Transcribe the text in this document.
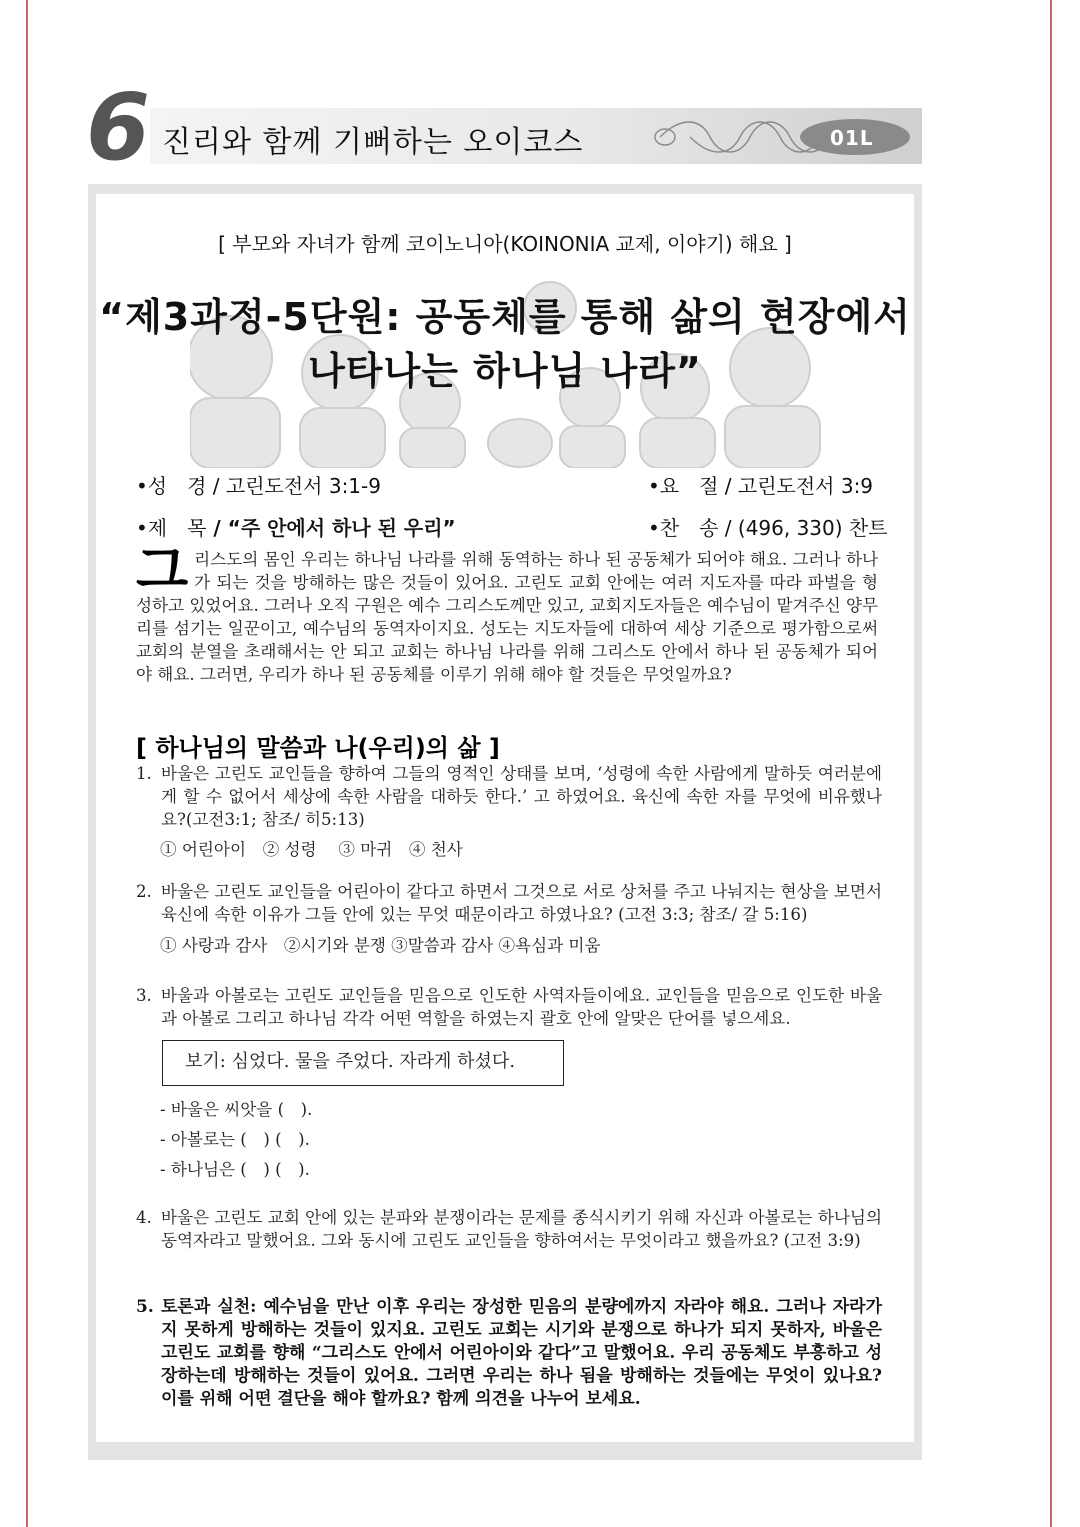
6 진리와 함께 기뻐하는 오이코스	01L
[ 부모와 자녀가 함께 코이노니아(KOINONIA 교제, 이야기) 해요 ]
“제3과정-5단원: 공동체를 통해 삶의 현장에서
나타나는 하나님 나라”
•성　경 / 고린도전서 3:1-9	•요　절 / 고린도전서 3:9
•제　목 / “주 안에서 하나 된 우리”	•찬　송 / (496, 330) 찬트
그리스도의 몸인 우리는 하나님 나라를 위해 동역하는 하나 된 공동체가 되어야 해요. 그러나 하나가 되는 것을 방해하는 많은 것들이 있어요. 고린도 교회 안에는 여러 지도자를 따라 파벌을 형성하고 있었어요. 그러나 오직 구원은 예수 그리스도께만 있고, 교회지도자들은 예수님이 맡겨주신 양무리를 섬기는 일꾼이고, 예수님의 동역자이지요. 성도는 지도자들에 대하여 세상 기준으로 평가함으로써 교회의 분열을 초래해서는 안 되고 교회는 하나님 나라를 위해 그리스도 안에서 하나 된 공동체가 되어야 해요. 그러면, 우리가 하나 된 공동체를 이루기 위해 해야 할 것들은 무엇일까요?
[ 하나님의 말씀과 나(우리)의 삶 ]
1. 바울은 고린도 교인들을 향하여 그들의 영적인 상태를 보며, ‘성령에 속한 사람에게 말하듯 여러분에게 할 수 없어서 세상에 속한 사람을 대하듯 한다.’ 고 하였어요. 육신에 속한 자를 무엇에 비유했나요?(고전3:1; 참조/ 히5:13)
① 어린아이　② 성령　 ③ 마귀　④ 천사
2. 바울은 고린도 교인들을 어린아이 같다고 하면서 그것으로 서로 상처를 주고 나눠지는 현상을 보면서 육신에 속한 이유가 그들 안에 있는 무엇 때문이라고 하였나요? (고전 3:3; 참조/ 갈 5:16)
① 사랑과 감사　②시기와 분쟁 ③말씀과 감사 ④욕심과 미움
3. 바울과 아볼로는 고린도 교인들을 믿음으로 인도한 사역자들이에요. 교인들을 믿음으로 인도한 바울과 아볼로 그리고 하나님 각각 어떤 역할을 하였는지 괄호 안에 알맞은 단어를 넣으세요.
보기: 심었다. 물을 주었다. 자라게 하셨다.
- 바울은 씨앗을 (　).
- 아볼로는 (　) (　).
- 하나님은 (　) (　).
4. 바울은 고린도 교회 안에 있는 분파와 분쟁이라는 문제를 종식시키기 위해 자신과 아볼로는 하나님의 동역자라고 말했어요. 그와 동시에 고린도 교인들을 향하여서는 무엇이라고 했을까요? (고전 3:9)
5. 토론과 실천: 예수님을 만난 이후 우리는 장성한 믿음의 분량에까지 자라야 해요. 그러나 자라가지 못하게 방해하는 것들이 있지요. 고린도 교회는 시기와 분쟁으로 하나가 되지 못하자, 바울은 고린도 교회를 향해 “그리스도 안에서 어린아이와 같다”고 말했어요. 우리 공동체도 부흥하고 성장하는데 방해하는 것들이 있어요. 그러면 우리는 하나 됨을 방해하는 것들에는 무엇이 있나요? 이를 위해 어떤 결단을 해야 할까요? 함께 의견을 나누어 보세요.
